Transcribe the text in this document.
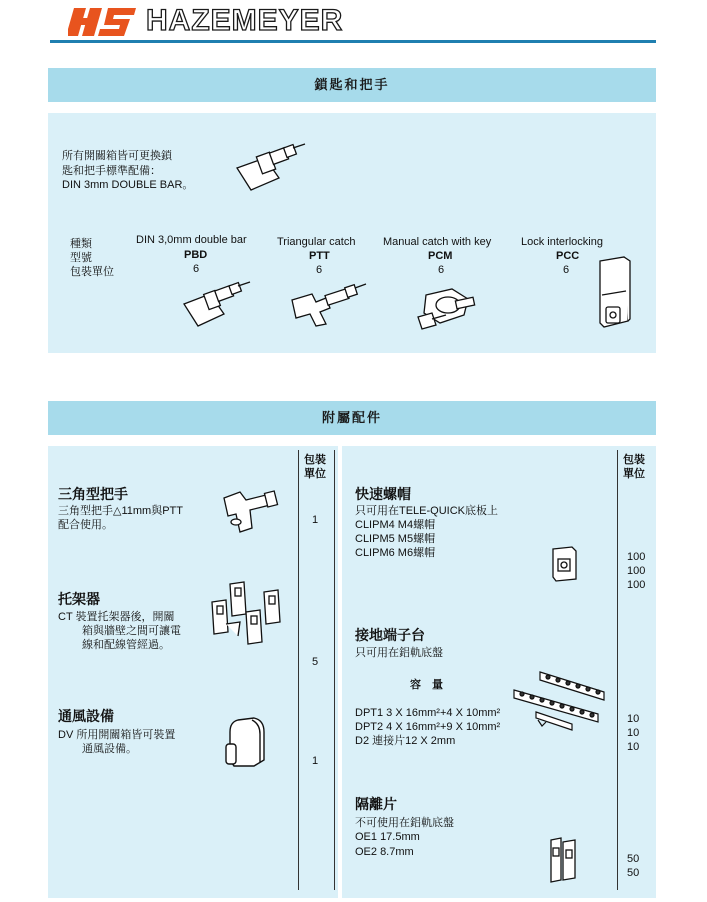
HAZEMEYER
鎖匙和把手
所有開關箱皆可更換鎖
匙和把手標準配備：
DIN 3mm DOUBLE BAR。
種類
型號
包裝單位
DIN 3,0mm double bar
PBD
6
Triangular catch
PTT
6
Manual catch with key
PCM
6
Lock interlocking
PCC
6
附屬配件
包裝
單位
包裝
單位
三角型把手
三角型把手△11mm與PTT
配合使用。	1
托架器
CT 裝置托架器後，開關
箱與牆壁之間可讓電
線和配線管經過。
5
通風設備
DV 所用開關箱皆可裝置
通風設備。
1
快速螺帽
只可用在TELE-QUICK底板上
CLIPM4 M4螺帽
CLIPM5 M5螺帽
CLIPM6 M6螺帽	100
100
100
接地端子台
只可用在鋁軌底盤
容　量
DPT1 3 X 16mm²+4 X 10mm²
DPT2 4 X 16mm²+9 X 10mm²
D2 連接片12 X 2mm
10
10
10
隔離片
不可使用在鋁軌底盤
OE1 17.5mm
OE2 8.7mm
50
50
